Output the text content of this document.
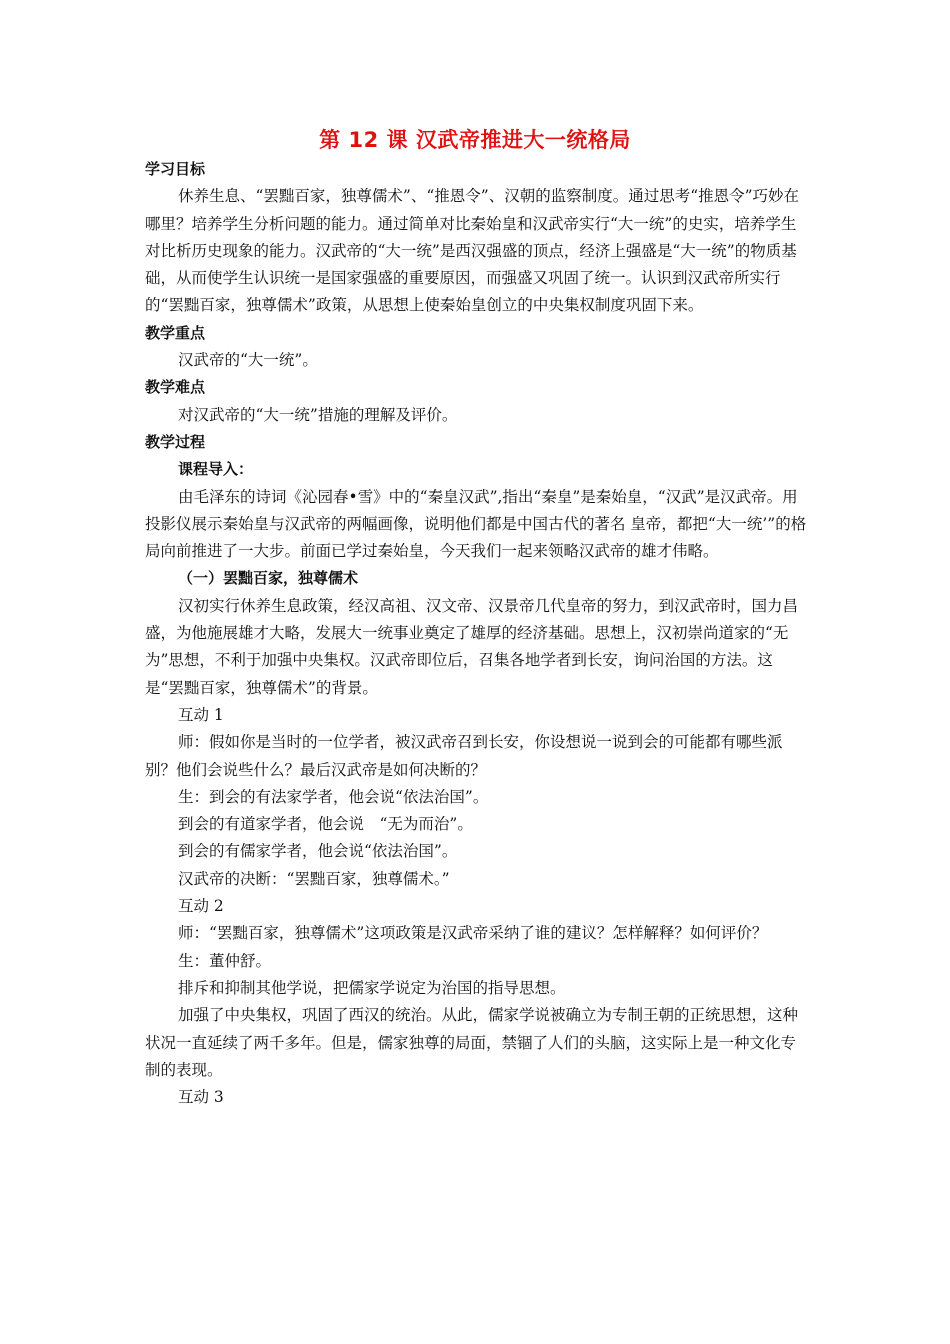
第 12 课 汉武帝推进大一统格局

学习目标

休养生息、“罢黜百家，独尊儒术”、“推恩令”、汉朝的监察制度。通过思考“推恩令”巧妙在哪里？培养学生分析问题的能力。通过简单对比秦始皇和汉武帝实行“大一统”的史实，培养学生对比析历史现象的能力。汉武帝的“大一统”是西汉强盛的顶点，经济上强盛是“大一统”的物质基础，从而使学生认识统一是国家强盛的重要原因，而强盛又巩固了统一。认识到汉武帝所实行的“罢黜百家，独尊儒术”政策，从思想上使秦始皇创立的中央集权制度巩固下来。

教学重点

汉武帝的“大一统”。

教学难点

对汉武帝的“大一统”措施的理解及评价。

教学过程

课程导入：

由毛泽东的诗词《沁园春•雪》中的“秦皇汉武”,指出“秦皇”是秦始皇，“汉武”是汉武帝。用投影仪展示秦始皇与汉武帝的两幅画像，说明他们都是中国古代的著名 皇帝，都把“大一统’”的格局向前推进了一大步。前面已学过秦始皇，今天我们一起来领略汉武帝的雄才伟略。

（一）罢黜百家，独尊儒术

汉初实行休养生息政策，经汉高祖、汉文帝、汉景帝几代皇帝的努力，到汉武帝时，国力昌盛，为他施展雄才大略，发展大一统事业奠定了雄厚的经济基础。思想上，汉初崇尚道家的“无为”思想，不利于加强中央集权。汉武帝即位后，召集各地学者到长安，询问治国的方法。这是“罢黜百家，独尊儒术”的背景。

互动 1

师：假如你是当时的一位学者，被汉武帝召到长安，你设想说一说到会的可能都有哪些派别？他们会说些什么？最后汉武帝是如何决断的？

生：到会的有法家学者，他会说“依法治国”。

到会的有道家学者，他会说　“无为而治”。

到会的有儒家学者，他会说“依法治国”。

汉武帝的决断：“罢黜百家，独尊儒术。”

互动 2

师：“罢黜百家，独尊儒术”这项政策是汉武帝采纳了谁的建议？怎样解释？如何评价？

生：董仲舒。

排斥和抑制其他学说，把儒家学说定为治国的指导思想。

加强了中央集权，巩固了西汉的统治。从此，儒家学说被确立为专制王朝的正统思想，这种状况一直延续了两千多年。但是，儒家独尊的局面，禁锢了人们的头脑，这实际上是一种文化专制的表现。

互动 3
